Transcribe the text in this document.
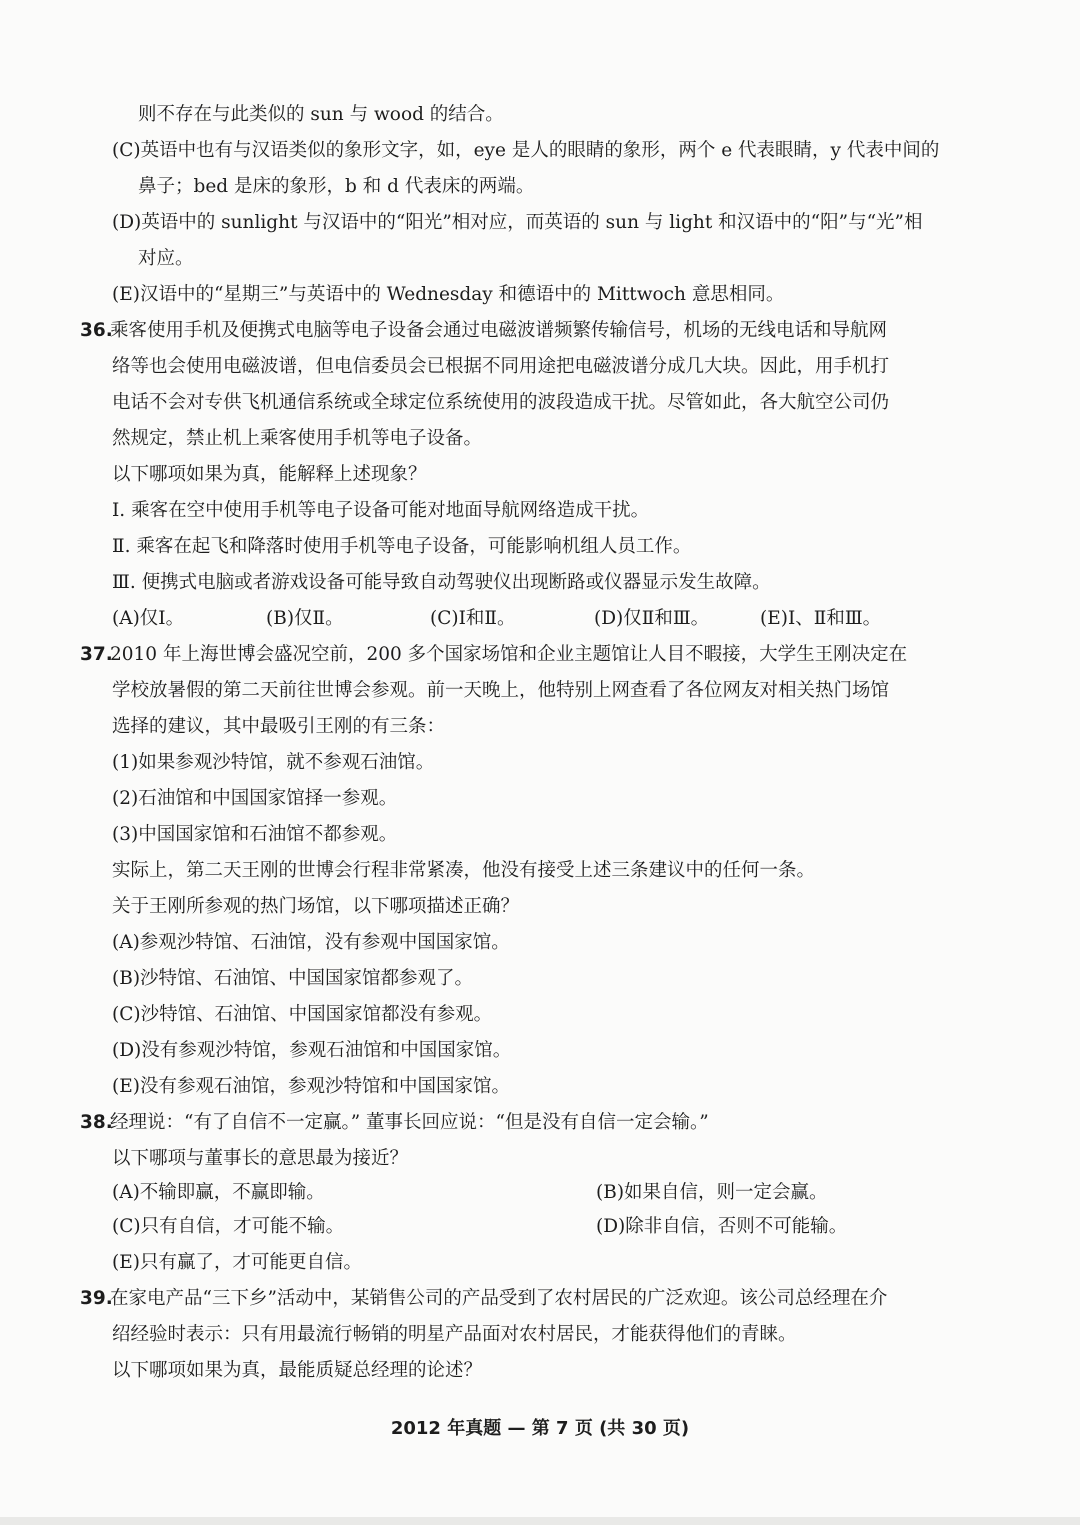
则不存在与此类似的 sun 与 wood 的结合。
(C)英语中也有与汉语类似的象形文字，如，eye 是人的眼睛的象形，两个 e 代表眼睛，y 代表中间的
鼻子；bed 是床的象形，b 和 d 代表床的两端。
(D)英语中的 sunlight 与汉语中的“阳光”相对应，而英语的 sun 与 light 和汉语中的“阳”与“光”相
对应。
(E)汉语中的“星期三”与英语中的 Wednesday 和德语中的 Mittwoch 意思相同。
36.乘客使用手机及便携式电脑等电子设备会通过电磁波谱频繁传输信号，机场的无线电话和导航网
络等也会使用电磁波谱，但电信委员会已根据不同用途把电磁波谱分成几大块。因此，用手机打
电话不会对专供飞机通信系统或全球定位系统使用的波段造成干扰。尽管如此，各大航空公司仍
然规定，禁止机上乘客使用手机等电子设备。
以下哪项如果为真，能解释上述现象？
Ⅰ. 乘客在空中使用手机等电子设备可能对地面导航网络造成干扰。
Ⅱ. 乘客在起飞和降落时使用手机等电子设备，可能影响机组人员工作。
Ⅲ. 便携式电脑或者游戏设备可能导致自动驾驶仪出现断路或仪器显示发生故障。
(A)仅Ⅰ。	(B)仅Ⅱ。	(C)Ⅰ和Ⅱ。	(D)仅Ⅱ和Ⅲ。	(E)Ⅰ、Ⅱ和Ⅲ。
37.2010 年上海世博会盛况空前，200 多个国家场馆和企业主题馆让人目不暇接，大学生王刚决定在
学校放暑假的第二天前往世博会参观。前一天晚上，他特别上网查看了各位网友对相关热门场馆
选择的建议，其中最吸引王刚的有三条：
(1)如果参观沙特馆，就不参观石油馆。
(2)石油馆和中国国家馆择一参观。
(3)中国国家馆和石油馆不都参观。
实际上，第二天王刚的世博会行程非常紧凑，他没有接受上述三条建议中的任何一条。
关于王刚所参观的热门场馆，以下哪项描述正确？
(A)参观沙特馆、石油馆，没有参观中国国家馆。
(B)沙特馆、石油馆、中国国家馆都参观了。
(C)沙特馆、石油馆、中国国家馆都没有参观。
(D)没有参观沙特馆，参观石油馆和中国国家馆。
(E)没有参观石油馆，参观沙特馆和中国国家馆。
38.经理说：“有了自信不一定赢。” 董事长回应说：“但是没有自信一定会输。”
以下哪项与董事长的意思最为接近？
(A)不输即赢，不赢即输。	(B)如果自信，则一定会赢。
(C)只有自信，才可能不输。	(D)除非自信，否则不可能输。
(E)只有赢了，才可能更自信。
39.在家电产品“三下乡”活动中，某销售公司的产品受到了农村居民的广泛欢迎。该公司总经理在介
绍经验时表示：只有用最流行畅销的明星产品面对农村居民，才能获得他们的青睐。
以下哪项如果为真，最能质疑总经理的论述？
2012 年真题 — 第 7 页 (共 30 页)
